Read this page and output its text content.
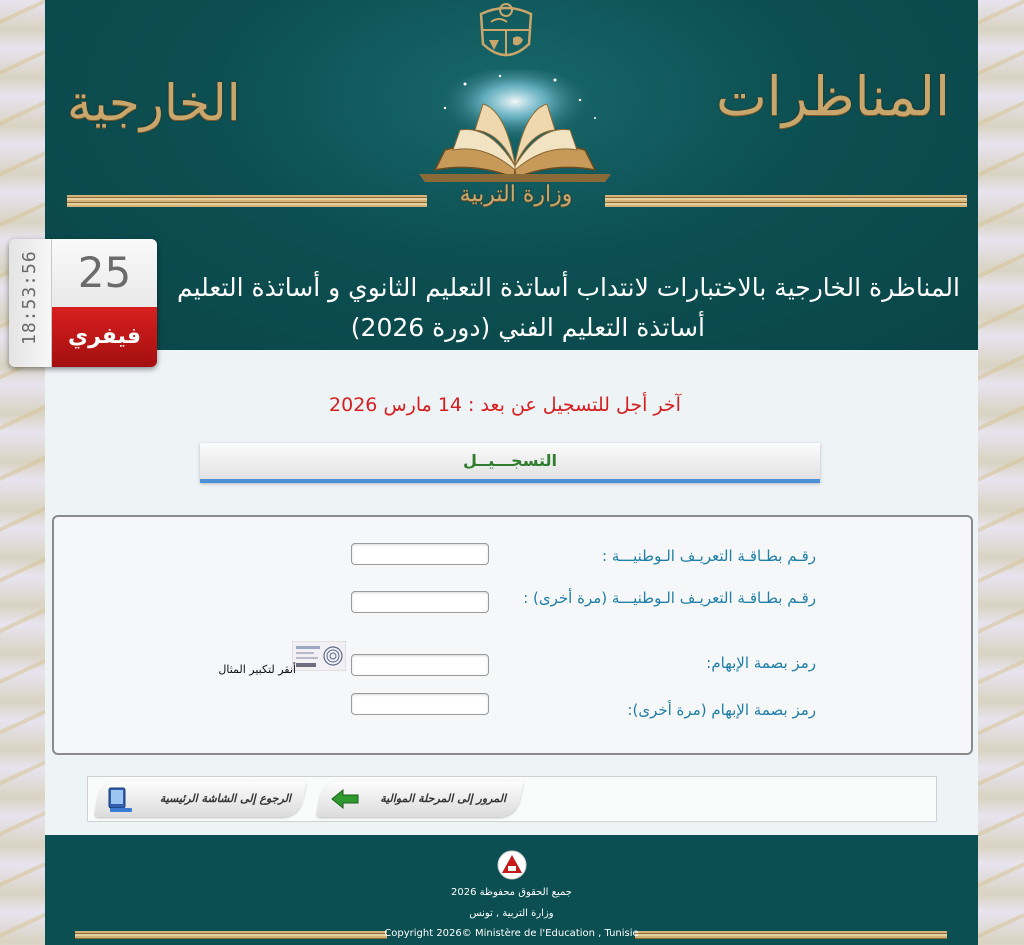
المناظرات
الخارجية
وزارة التربية
المناظرة الخارجية بالاختبارات لانتداب أساتذة التعليم الثانوي و أساتذة التعليم
أساتذة التعليم الفني (دورة 2026)
آخر أجل للتسجيل عن بعد : 14 مارس 2026
التسجـــيــل
رقـم بطـاقـة التعريـف الـوطنيـــة :
رقـم بطـاقـة التعريـف الـوطنيـــة (مرة أخرى) :
أنقر لتكبير المثال	رمز بصمة الإبهام:
رمز بصمة الإبهام (مرة أخرى):
الرجوع إلى الشاشة الرئيسية	المرور إلى المرحلة الموالية
جميع الحقوق محفوظة 2026
وزارة التربية , تونس
Copyright 2026© Ministère de l'Education , Tunisie
18:53:56 25
فيفري
